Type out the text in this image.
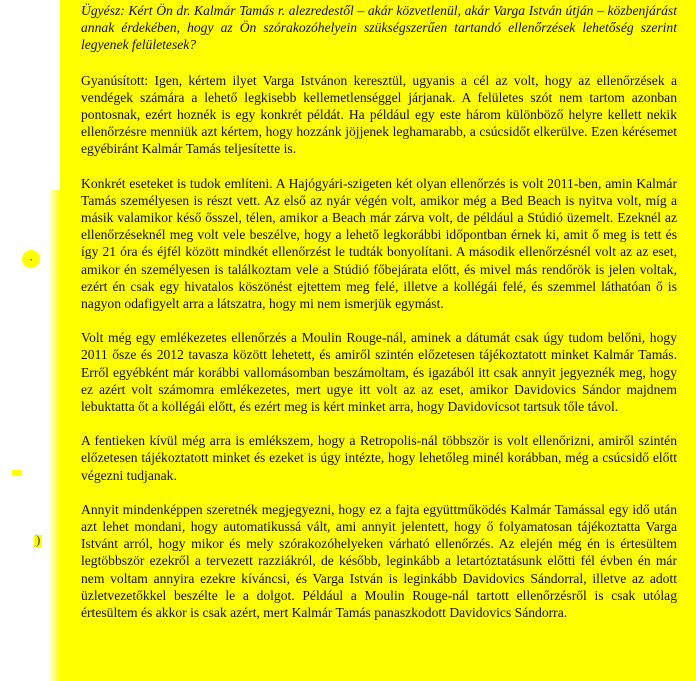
·
)

Ügyész: Kért Ön dr. Kalmár Tamás r. alezredestől – akár közvetlenül, akár Varga István útján – közbenjárást annak érdekében, hogy az Ön szórakozóhelyein szükségszerűen tartandó ellenőrzések lehetőség szerint legyenek felületesek?

Gyanúsított: Igen, kértem ilyet Varga Istvánon keresztül, ugyanis a cél az volt, hogy az ellenőrzések a vendégek számára a lehető legkisebb kellemetlenséggel járjanak. A felületes szót nem tartom azonban pontosnak, ezért hoznék is egy konkrét példát. Ha például egy este három különböző helyre kellett nekik ellenőrzésre menniük azt kértem, hogy hozzánk jöjjenek leghamarabb, a csúcsidőt elkerülve. Ezen kérésemet egyébiránt Kalmár Tamás teljesítette is.

Konkrét eseteket is tudok említeni. A Hajógyári-szigeten két olyan ellenőrzés is volt 2011-ben, amin Kalmár Tamás személyesen is részt vett. Az első az nyár végén volt, amikor még a Bed Beach is nyitva volt, míg a másik valamikor késő ősszel, télen, amikor a Beach már zárva volt, de például a Stúdió üzemelt. Ezeknél az ellenőrzéseknél meg volt vele beszélve, hogy a lehető legkorábbi időpontban érnek ki, amit ő meg is tett és így 21 óra és éjfél között mindkét ellenőrzést le tudták bonyolítani. A második ellenőrzésnél volt az az eset, amikor én személyesen is találkoztam vele a Stúdió főbejárata előtt, és mivel más rendőrök is jelen voltak, ezért én csak egy hivatalos köszönést ejtettem meg felé, illetve a kollégái felé, és szemmel láthatóan ő is nagyon odafigyelt arra a látszatra, hogy mi nem ismerjük egymást.

Volt még egy emlékezetes ellenőrzés a Moulin Rouge-nál, aminek a dátumát csak úgy tudom belőni, hogy 2011 ősze és 2012 tavasza között lehetett, és amiről szintén előzetesen tájékoztatott minket Kalmár Tamás. Erről egyébként már korábbi vallomásomban beszámoltam, és igazából itt csak annyit jegyeznék meg, hogy ez azért volt számomra emlékezetes, mert ugye itt volt az az eset, amikor Davidovics Sándor majdnem lebuktatta őt a kollégái előtt, és ezért meg is kért minket arra, hogy Davidovicsot tartsuk tőle távol.

A fentieken kívül még arra is emlékszem, hogy a Retropolis-nál többször is volt ellenőrizni, amiről szintén előzetesen tájékoztatott minket és ezeket is úgy intézte, hogy lehetőleg minél korábban, még a csúcsidő előtt végezni tudjanak.

Annyit mindenképpen szeretnék megjegyezni, hogy ez a fajta együttműködés Kalmár Tamással egy idő után azt lehet mondani, hogy automatikussá vált, ami annyit jelentett, hogy ő folyamatosan tájékoztatta Varga Istvánt arról, hogy mikor és mely szórakozóhelyeken várható ellenőrzés. Az elején még én is értesültem legtöbbször ezekről a tervezett razziákról, de később, leginkább a letartóztatásunk előtti fél évben én már nem voltam annyira ezekre kíváncsi, és Varga István is leginkább Davidovics Sándorral, illetve az adott üzletvezetőkkel beszélte le a dolgot. Például a Moulin Rouge-nál tartott ellenőrzésről is csak utólag értesültem és akkor is csak azért, mert Kalmár Tamás panaszkodott Davidovics Sándorra.
